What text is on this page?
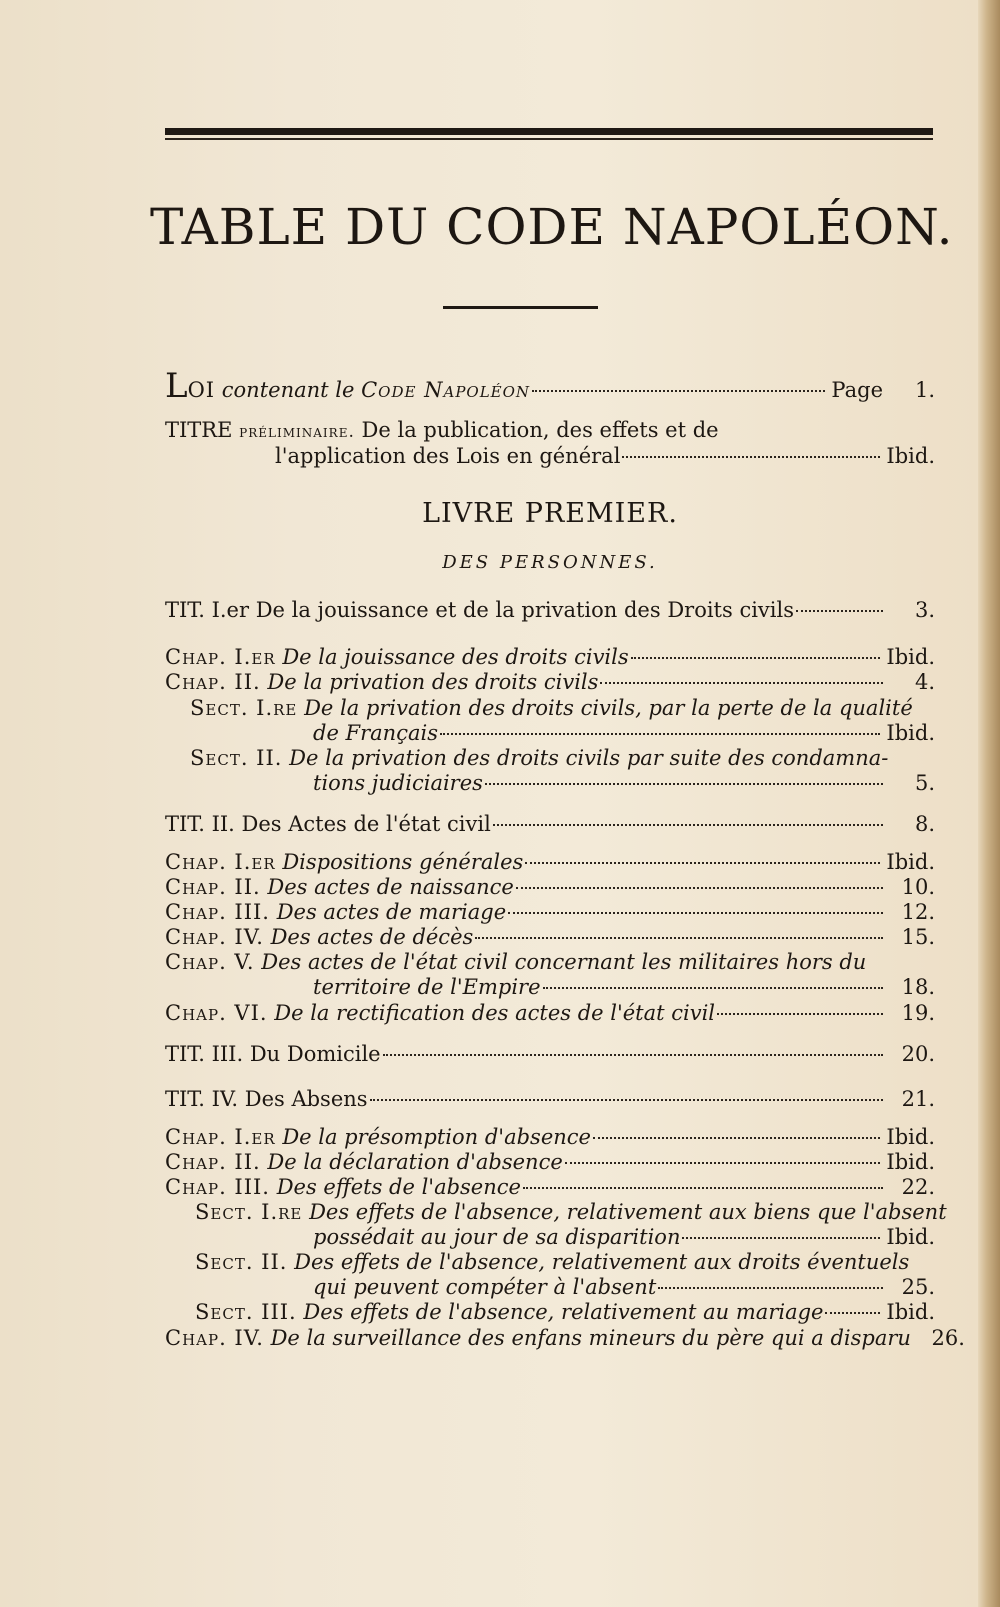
TABLE DU CODE NAPOLÉON.
LOI contenant le Code Napoléon	Page	1.
TITRE préliminaire. De la publication, des effets et de
l'application des Lois en général	Ibid.
LIVRE PREMIER.
DES PERSONNES.
TIT. I.er De la jouissance et de la privation des Droits civils	3.
Chap. I.er De la jouissance des droits civils	Ibid.
Chap. II. De la privation des droits civils	4.
Sect. I.re De la privation des droits civils, par la perte de la qualité
de Français	Ibid.
Sect. II. De la privation des droits civils par suite des condamna-
tions judiciaires	5.
TIT. II. Des Actes de l'état civil	8.
Chap. I.er Dispositions générales	Ibid.
Chap. II. Des actes de naissance	10.
Chap. III. Des actes de mariage	12.
Chap. IV. Des actes de décès	15.
Chap. V. Des actes de l'état civil concernant les militaires hors du
territoire de l'Empire	18.
Chap. VI. De la rectification des actes de l'état civil	19.
TIT. III. Du Domicile	20.
TIT. IV. Des Absens	21.
Chap. I.er De la présomption d'absence	Ibid.
Chap. II. De la déclaration d'absence	Ibid.
Chap. III. Des effets de l'absence	22.
Sect. I.re Des effets de l'absence, relativement aux biens que l'absent
possédait au jour de sa disparition	Ibid.
Sect. II. Des effets de l'absence, relativement aux droits éventuels
qui peuvent compéter à l'absent	25.
Sect. III. Des effets de l'absence, relativement au mariage	Ibid.
Chap. IV. De la surveillance des enfans mineurs du père qui a disparu 26.
